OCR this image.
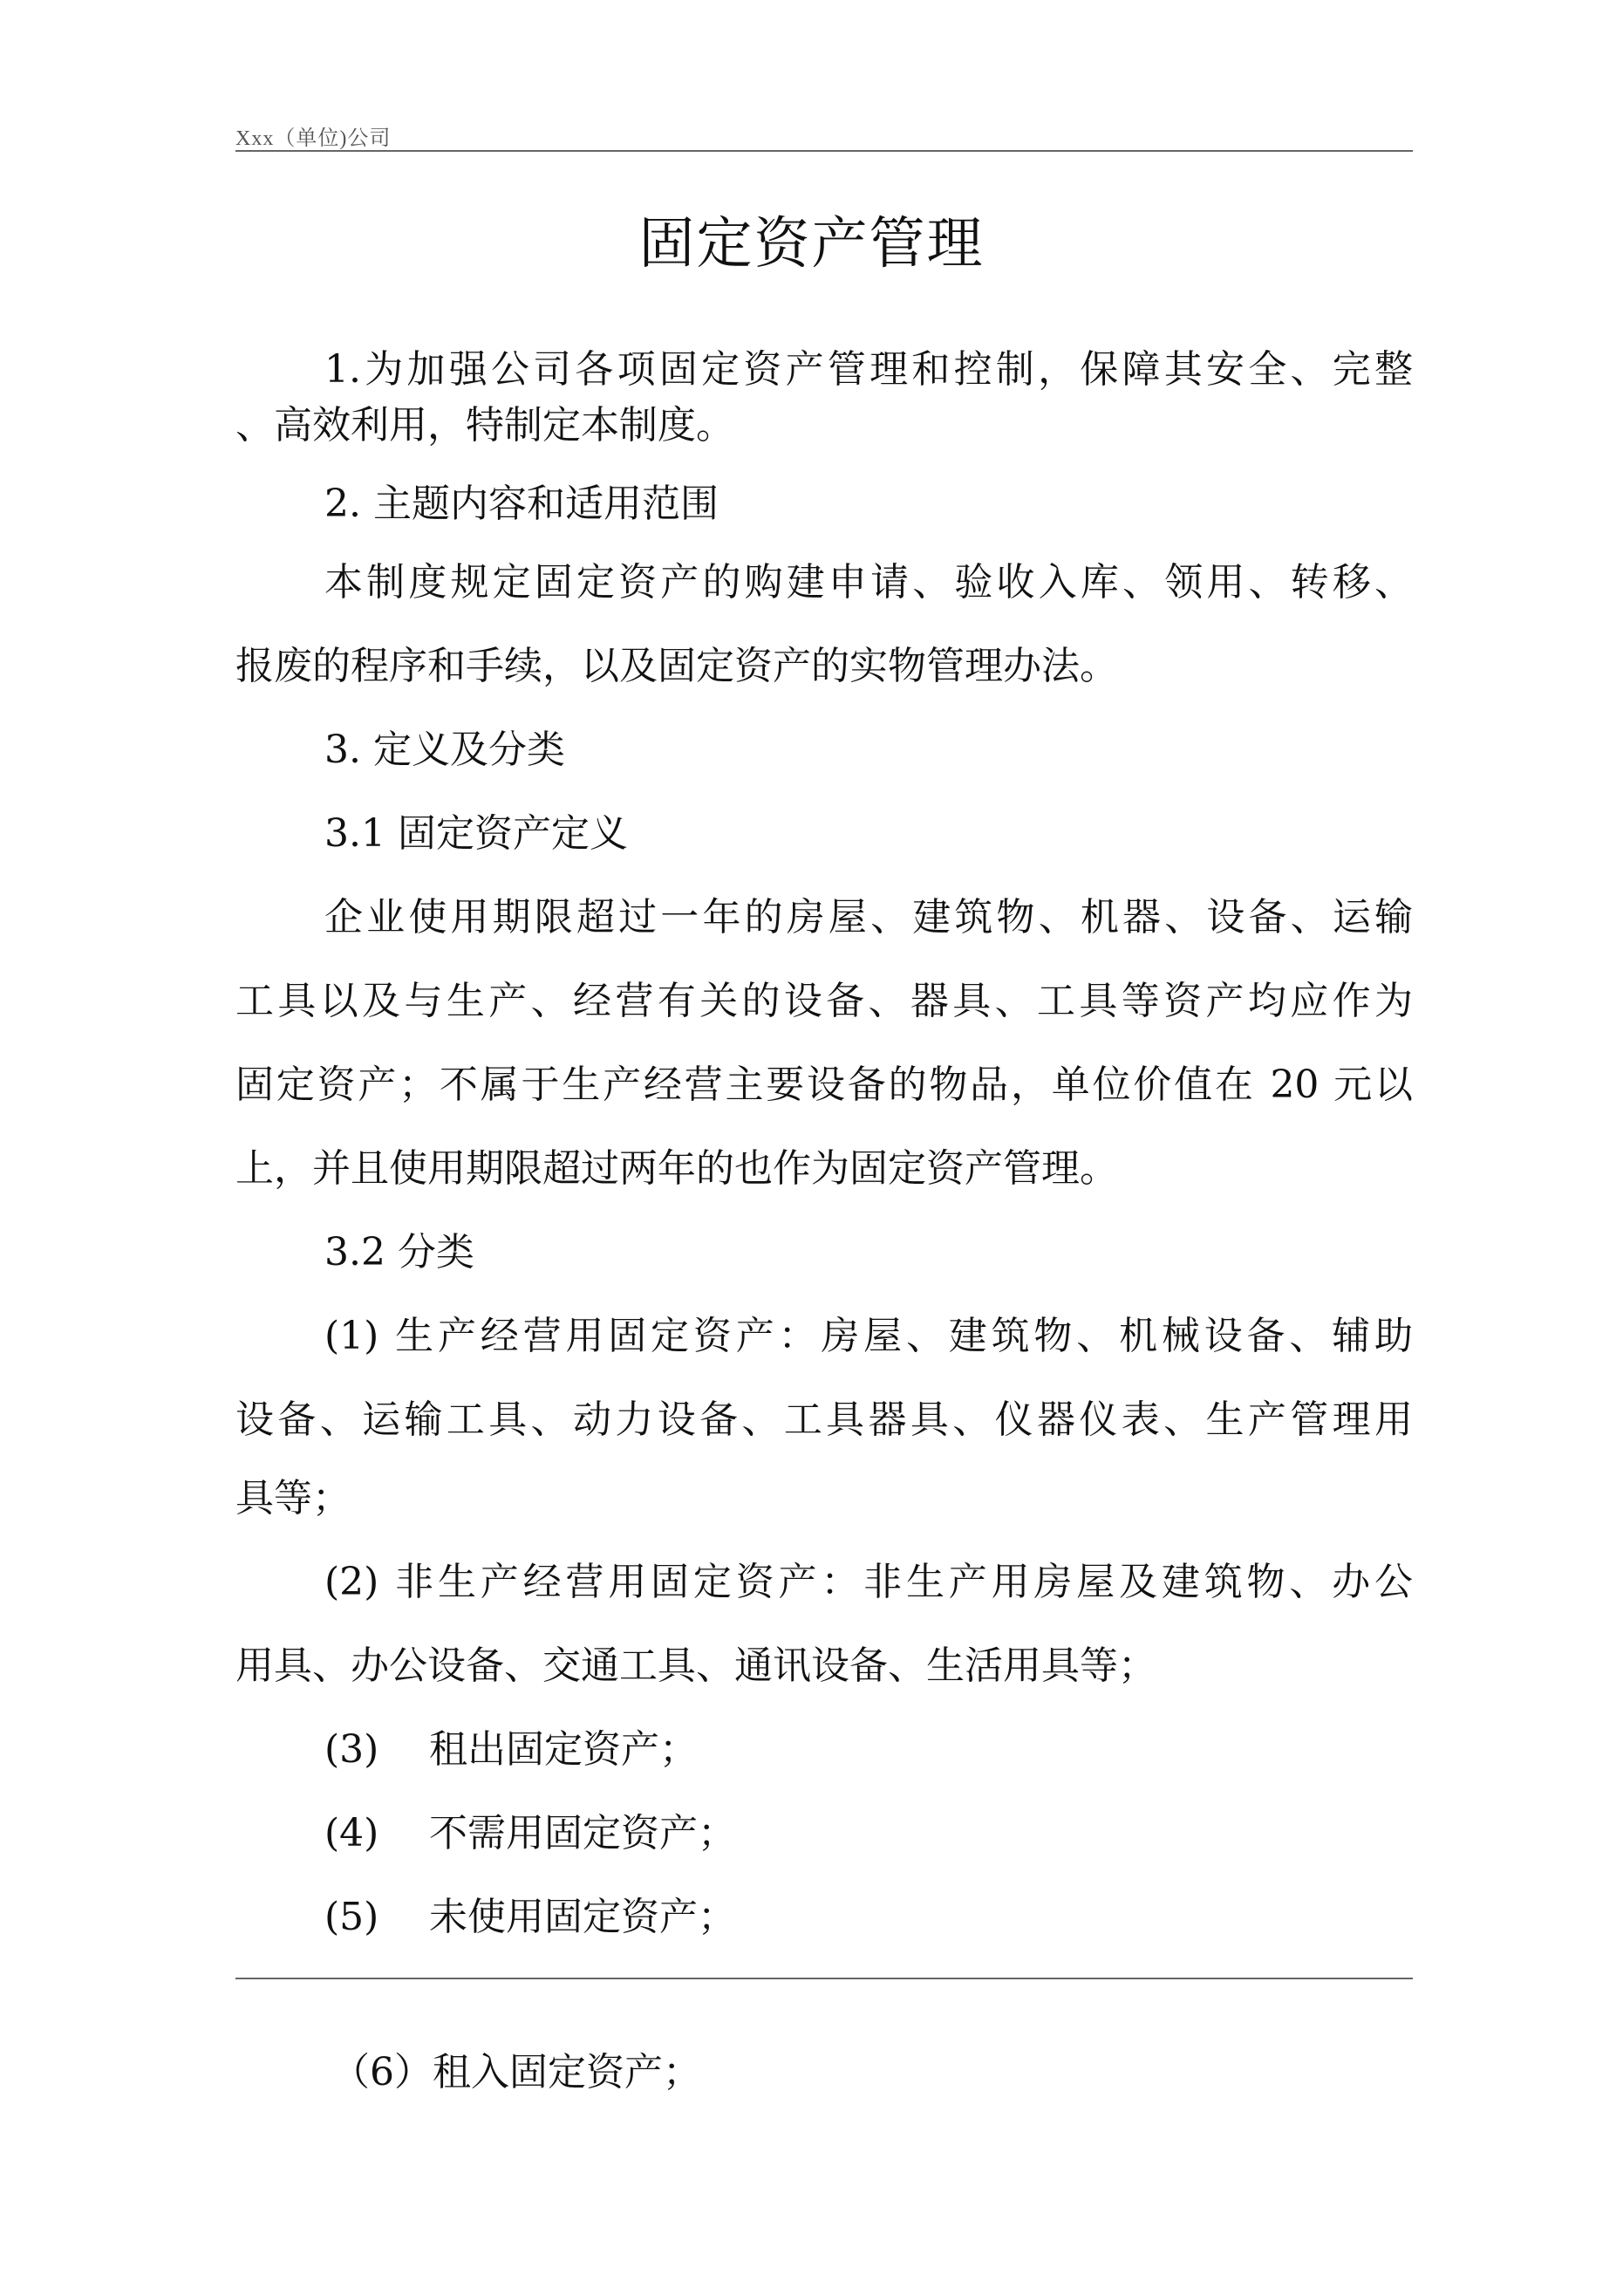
Xxx（单位)公司
固定资产管理
1.为加强公司各项固定资产管理和控制，保障其安全、完整
、高效利用，特制定本制度。
2. 主题内容和适用范围
本制度规定固定资产的购建申请、验收入库、领用、转移、
报废的程序和手续，以及固定资产的实物管理办法。
3. 定义及分类
3.1 固定资产定义
企业使用期限超过一年的房屋、建筑物、机器、设备、运输
工具以及与生产、经营有关的设备、器具、工具等资产均应作为
固定资产；不属于生产经营主要设备的物品，单位价值在 20 元以
上，并且使用期限超过两年的也作为固定资产管理。
3.2 分类
(1) 生产经营用固定资产：房屋、建筑物、机械设备、辅助
设备、运输工具、动力设备、工具器具、仪器仪表、生产管理用
具等；
(2) 非生产经营用固定资产：非生产用房屋及建筑物、办公
用具、办公设备、交通工具、通讯设备、生活用具等；
(3) 租出固定资产；
(4) 不需用固定资产；
(5) 未使用固定资产；
（6）租入固定资产；
